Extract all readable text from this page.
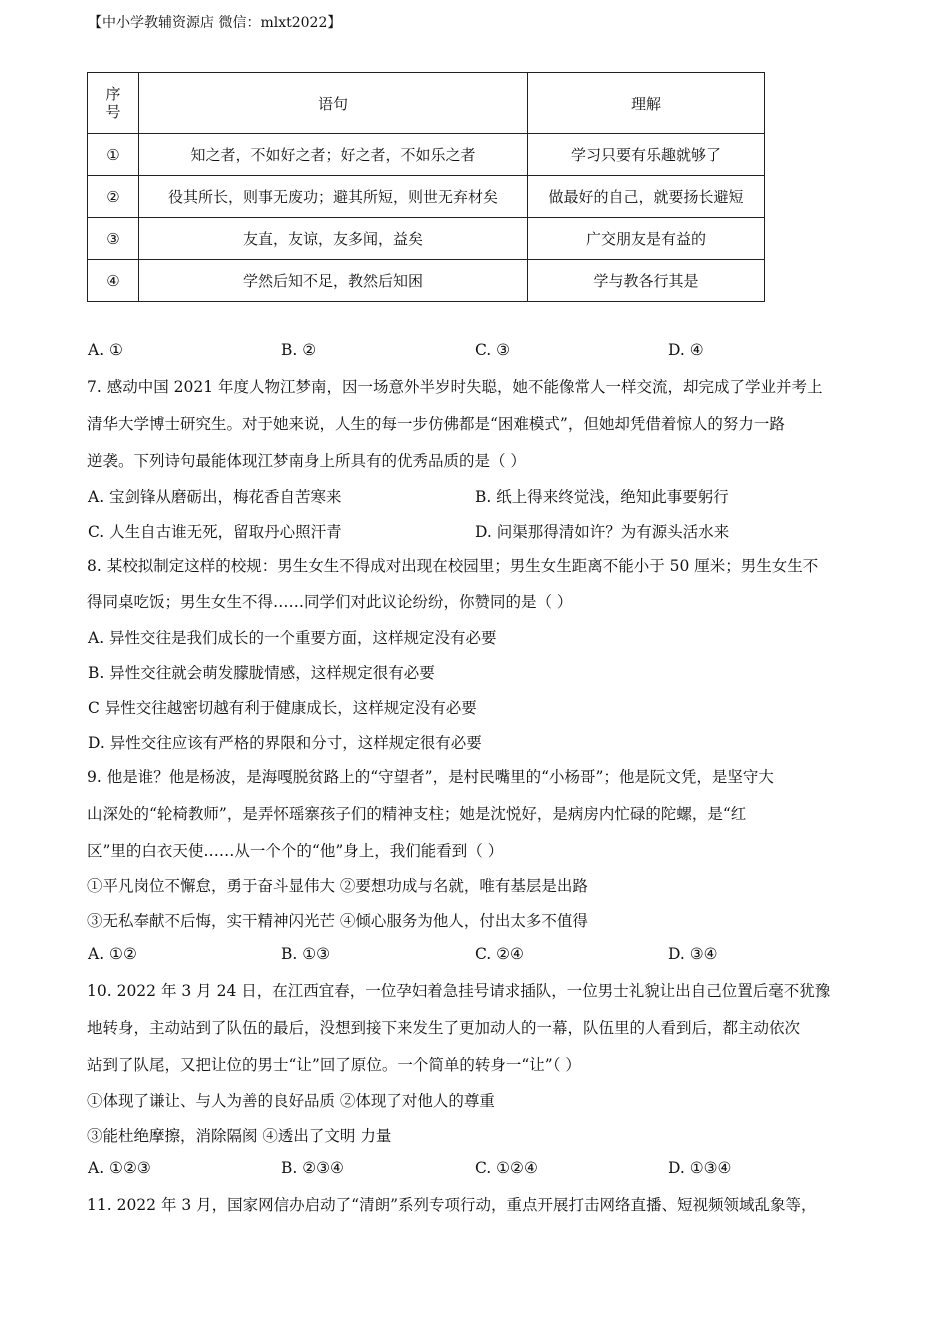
【中小学教辅资源店 微信：mlxt2022】
序
号	语句	理解
①	知之者，不如好之者；好之者，不如乐之者	学习只要有乐趣就够了
②	役其所长，则事无废功；避其所短，则世无弃材矣	做最好的自己，就要扬长避短
③	友直，友谅，友多闻，益矣	广交朋友是有益的
④	学然后知不足，教然后知困	学与教各行其是
A. ①	B. ②	C. ③	D. ④
7. 感动中国 2021 年度人物江梦南，因一场意外半岁时失聪，她不能像常人一样交流，却完成了学业并考上
清华大学博士研究生。对于她来说，人生的每一步仿佛都是“困难模式”，但她却凭借着惊人的努力一路
逆袭。下列诗句最能体现江梦南身上所具有的优秀品质的是（ ）
A. 宝剑锋从磨砺出，梅花香自苦寒来	B. 纸上得来终觉浅，绝知此事要躬行
C. 人生自古谁无死，留取丹心照汗青	D. 问渠那得清如许？为有源头活水来
8. 某校拟制定这样的校规：男生女生不得成对出现在校园里；男生女生距离不能小于 50 厘米；男生女生不
得同桌吃饭；男生女生不得……同学们对此议论纷纷，你赞同的是（ ）
A. 异性交往是我们成长的一个重要方面，这样规定没有必要
B. 异性交往就会萌发朦胧情感，这样规定很有必要
C 异性交往越密切越有利于健康成长，这样规定没有必要
D. 异性交往应该有严格的界限和分寸，这样规定很有必要
9. 他是谁？他是杨波，是海嘎脱贫路上的“守望者”，是村民嘴里的“小杨哥”；他是阮文凭，是坚守大
山深处的“轮椅教师”，是弄怀瑶寨孩子们的精神支柱；她是沈悦好，是病房内忙碌的陀螺，是“红
区”里的白衣天使……从一个个的“他”身上，我们能看到（ ）
①平凡岗位不懈怠，勇于奋斗显伟大 ②要想功成与名就，唯有基层是出路
③无私奉献不后悔，实干精神闪光芒 ④倾心服务为他人，付出太多不值得
A. ①②	B. ①③	C. ②④	D. ③④
10. 2022 年 3 月 24 日，在江西宜春，一位孕妇着急挂号请求插队，一位男士礼貌让出自己位置后毫不犹豫
地转身，主动站到了队伍的最后，没想到接下来发生了更加动人的一幕，队伍里的人看到后，都主动依次
站到了队尾，又把让位的男士“让”回了原位。一个简单的转身一“让”（ ）
①体现了谦让、与人为善的良好品质 ②体现了对他人的尊重
③能杜绝摩擦，消除隔阂 ④透出了文明 力量
A. ①②③	B. ②③④	C. ①②④	D. ①③④
11. 2022 年 3 月，国家网信办启动了“清朗”系列专项行动，重点开展打击网络直播、短视频领域乱象等，
